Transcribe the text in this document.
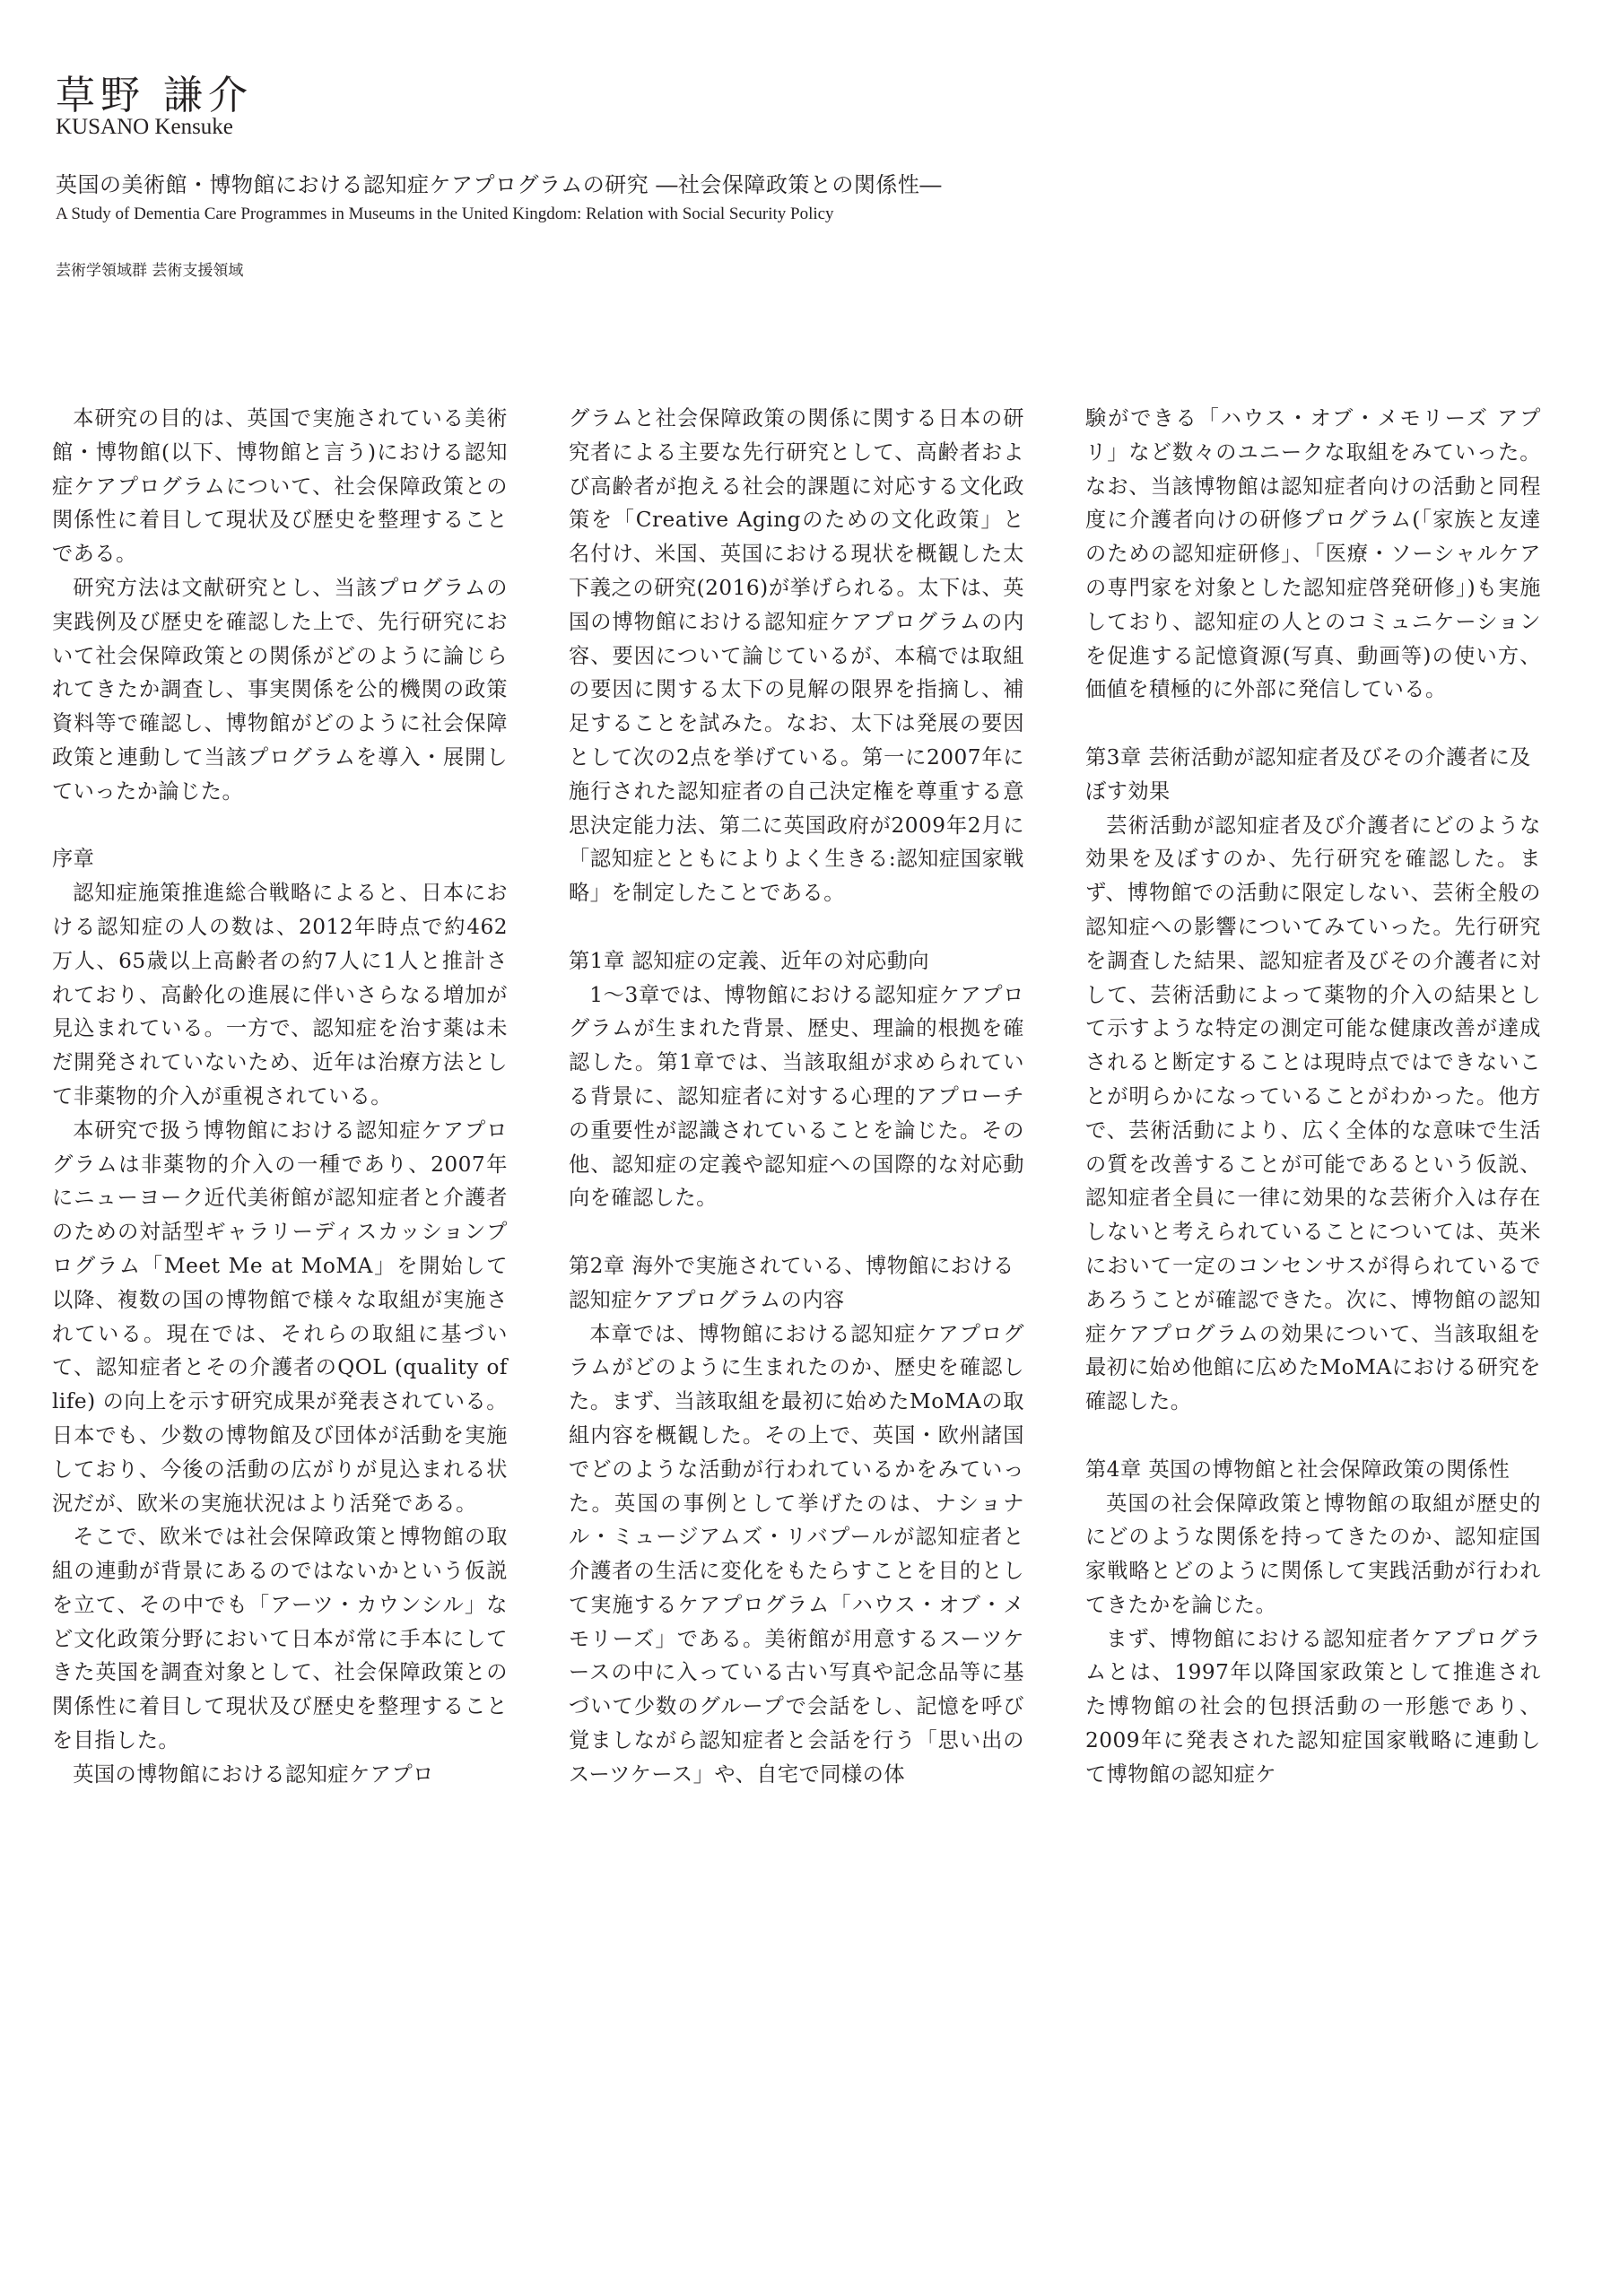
草野 謙介
KUSANO Kensuke
英国の美術館・博物館における認知症ケアプログラムの研究 ―社会保障政策との関係性―
A Study of Dementia Care Programmes in Museums in the United Kingdom: Relation with Social Security Policy
芸術学領域群 芸術支援領域

本研究の目的は、英国で実施されている美術館・博物館(以下、博物館と言う)における認知症ケアプログラムについて、社会保障政策との関係性に着目して現状及び歴史を整理することである。

研究方法は文献研究とし、当該プログラムの実践例及び歴史を確認した上で、先行研究において社会保障政策との関係がどのように論じられてきたか調査し、事実関係を公的機関の政策資料等で確認し、博物館がどのように社会保障政策と連動して当該プログラムを導入・展開していったか論じた。

序章

認知症施策推進総合戦略によると、日本における認知症の人の数は、2012年時点で約462万人、65歳以上高齢者の約7人に1人と推計されており、高齢化の進展に伴いさらなる増加が見込まれている。一方で、認知症を治す薬は未だ開発されていないため、近年は治療方法として非薬物的介入が重視されている。

本研究で扱う博物館における認知症ケアプログラムは非薬物的介入の一種であり、2007年にニューヨーク近代美術館が認知症者と介護者のための対話型ギャラリーディスカッションプログラム「Meet Me at MoMA」を開始して以降、複数の国の博物館で様々な取組が実施されている。現在では、それらの取組に基づいて、認知症者とその介護者のQOL (quality of life) の向上を示す研究成果が発表されている。日本でも、少数の博物館及び団体が活動を実施しており、今後の活動の広がりが見込まれる状況だが、欧米の実施状況はより活発である。

そこで、欧米では社会保障政策と博物館の取組の連動が背景にあるのではないかという仮説を立て、その中でも「アーツ・カウンシル」など文化政策分野において日本が常に手本にしてきた英国を調査対象として、社会保障政策との関係性に着目して現状及び歴史を整理することを目指した。

英国の博物館における認知症ケアプロ

グラムと社会保障政策の関係に関する日本の研究者による主要な先行研究として、高齢者および高齢者が抱える社会的課題に対応する文化政策を「Creative Agingのための文化政策」と名付け、米国、英国における現状を概観した太下義之の研究(2016)が挙げられる。太下は、英国の博物館における認知症ケアプログラムの内容、要因について論じているが、本稿では取組の要因に関する太下の見解の限界を指摘し、補足することを試みた。なお、太下は発展の要因として次の2点を挙げている。第一に2007年に施行された認知症者の自己決定権を尊重する意思決定能力法、第二に英国政府が2009年2月に「認知症とともによりよく生きる:認知症国家戦略」を制定したことである。

第1章 認知症の定義、近年の対応動向

1〜3章では、博物館における認知症ケアプログラムが生まれた背景、歴史、理論的根拠を確認した。第1章では、当該取組が求められている背景に、認知症者に対する心理的アプローチの重要性が認識されていることを論じた。その他、認知症の定義や認知症への国際的な対応動向を確認した。

第2章 海外で実施されている、博物館における認知症ケアプログラムの内容

本章では、博物館における認知症ケアプログラムがどのように生まれたのか、歴史を確認した。まず、当該取組を最初に始めたMoMAの取組内容を概観した。その上で、英国・欧州諸国でどのような活動が行われているかをみていった。英国の事例として挙げたのは、ナショナル・ミュージアムズ・リバプールが認知症者と介護者の生活に変化をもたらすことを目的として実施するケアプログラム「ハウス・オブ・メモリーズ」である。美術館が用意するスーツケースの中に入っている古い写真や記念品等に基づいて少数のグループで会話をし、記憶を呼び覚ましながら認知症者と会話を行う「思い出のスーツケース」や、自宅で同様の体

験ができる「ハウス・オブ・メモリーズ アプリ」など数々のユニークな取組をみていった。なお、当該博物館は認知症者向けの活動と同程度に介護者向けの研修プログラム(「家族と友達のための認知症研修」、「医療・ソーシャルケアの専門家を対象とした認知症啓発研修」)も実施しており、認知症の人とのコミュニケーションを促進する記憶資源(写真、動画等)の使い方、価値を積極的に外部に発信している。

第3章 芸術活動が認知症者及びその介護者に及ぼす効果

芸術活動が認知症者及び介護者にどのような効果を及ぼすのか、先行研究を確認した。まず、博物館での活動に限定しない、芸術全般の認知症への影響についてみていった。先行研究を調査した結果、認知症者及びその介護者に対して、芸術活動によって薬物的介入の結果として示すような特定の測定可能な健康改善が達成されると断定することは現時点ではできないことが明らかになっていることがわかった。他方で、芸術活動により、広く全体的な意味で生活の質を改善することが可能であるという仮説、認知症者全員に一律に効果的な芸術介入は存在しないと考えられていることについては、英米において一定のコンセンサスが得られているであろうことが確認できた。次に、博物館の認知症ケアプログラムの効果について、当該取組を最初に始め他館に広めたMoMAにおける研究を確認した。

第4章 英国の博物館と社会保障政策の関係性

英国の社会保障政策と博物館の取組が歴史的にどのような関係を持ってきたのか、認知症国家戦略とどのように関係して実践活動が行われてきたかを論じた。

まず、博物館における認知症者ケアプログラムとは、1997年以降国家政策として推進された博物館の社会的包摂活動の一形態であり、2009年に発表された認知症国家戦略に連動して博物館の認知症ケ
